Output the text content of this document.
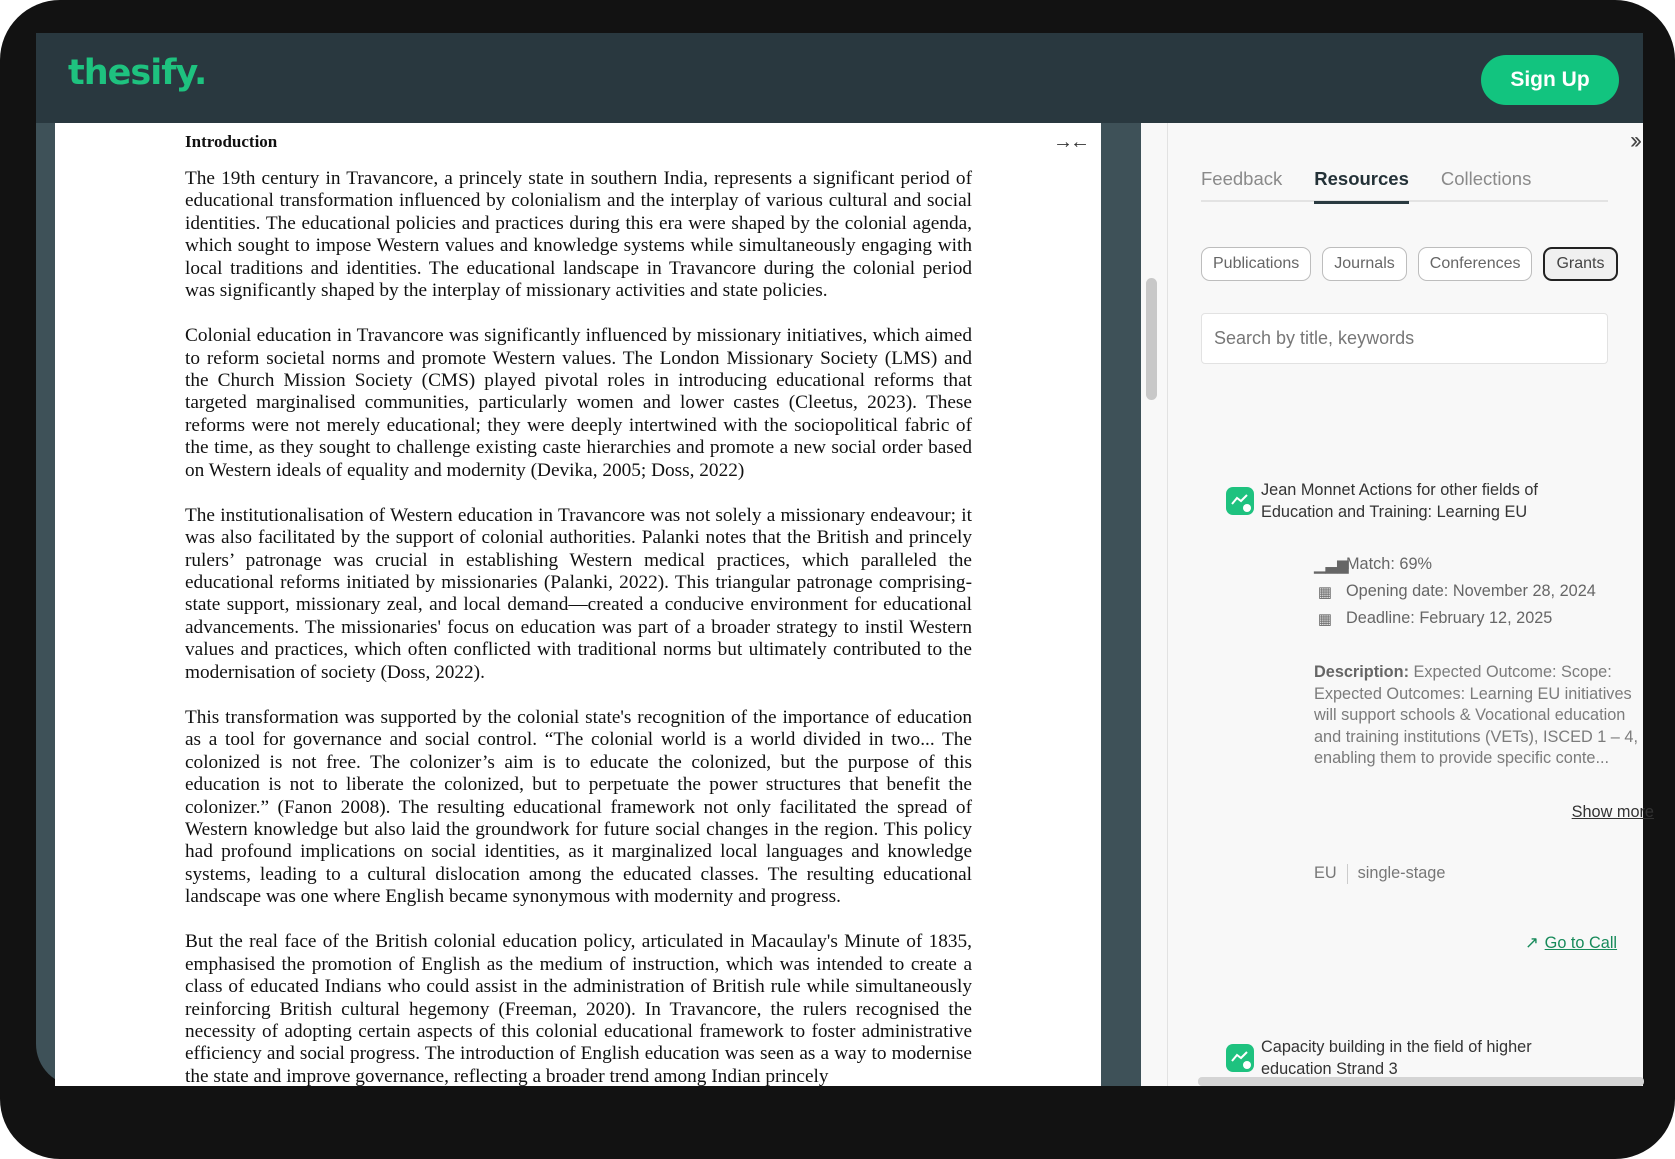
thesify.	Sign Up
Introduction	→←

The 19th century in Travancore, a princely state in southern India, represents a significant period of educational transformation influenced by colonialism and the interplay of various cultural and social identities. The educational policies and practices during this era were shaped by the colonial agenda, which sought to impose Western values and knowledge systems while simultaneously engaging with local traditions and identities. The educational landscape in Travancore during the colonial period was significantly shaped by the interplay of missionary activities and state policies.

Colonial education in Travancore was significantly influenced by missionary initiatives, which aimed to reform societal norms and promote Western values. The London Missionary Society (LMS) and the Church Mission Society (CMS) played pivotal roles in introducing educational reforms that targeted marginalised communities, particularly women and lower castes (Cleetus, 2023). These reforms were not merely educational; they were deeply intertwined with the sociopolitical fabric of the time, as they sought to challenge existing caste hierarchies and promote a new social order based on Western ideals of equality and modernity (Devika, 2005; Doss, 2022)

The institutionalisation of Western education in Travancore was not solely a missionary endeavour; it was also facilitated by the support of colonial authorities. Palanki notes that the British and princely rulers’ patronage was crucial in establishing Western medical practices, which paralleled the educational reforms initiated by missionaries (Palanki, 2022). This triangular patronage comprising- state support, missionary zeal, and local demand—created a conducive environment for educational advancements. The missionaries' focus on education was part of a broader strategy to instil Western values and practices, which often conflicted with traditional norms but ultimately contributed to the modernisation of society (Doss, 2022).

This transformation was supported by the colonial state's recognition of the importance of education as a tool for governance and social control. “The colonial world is a world divided in two... The colonized is not free. The colonizer’s aim is to educate the colonized, but the purpose of this education is not to liberate the colonized, but to perpetuate the power structures that benefit the colonizer.” (Fanon 2008). The resulting educational framework not only facilitated the spread of Western knowledge but also laid the groundwork for future social changes in the region. This policy had profound implications on social identities, as it marginalized local languages and knowledge systems, leading to a cultural dislocation among the educated classes. The resulting educational landscape was one where English became synonymous with modernity and progress.

But the real face of the British colonial education policy, articulated in Macaulay's Minute of 1835, emphasised the promotion of English as the medium of instruction, which was intended to create a class of educated Indians who could assist in the administration of British rule while simultaneously reinforcing British cultural hegemony (Freeman, 2020). In Travancore, the rulers recognised the necessity of adopting certain aspects of this colonial educational framework to foster administrative efficiency and social progress. The introduction of English education was seen as a way to modernise the state and improve governance, reflecting a broader trend among Indian princely

››
Feedback Resources Collections
Publications	Journals	Conferences	Grants
Search by title, keywords
Jean Monnet Actions for other fields of Education and Training: Learning EU
▁▃▆
Match: 69%
▦ Opening date: November 28, 2024
▦ Deadline: February 12, 2025
Description: Expected Outcome: Scope: Expected Outcomes: Learning EU initiatives will support schools & Vocational education and training institutions (VETs), ISCED 1 – 4, enabling them to provide specific conte...
Show more
EU single-stage
↗ Go to Call
Capacity building in the field of higher education Strand 3
